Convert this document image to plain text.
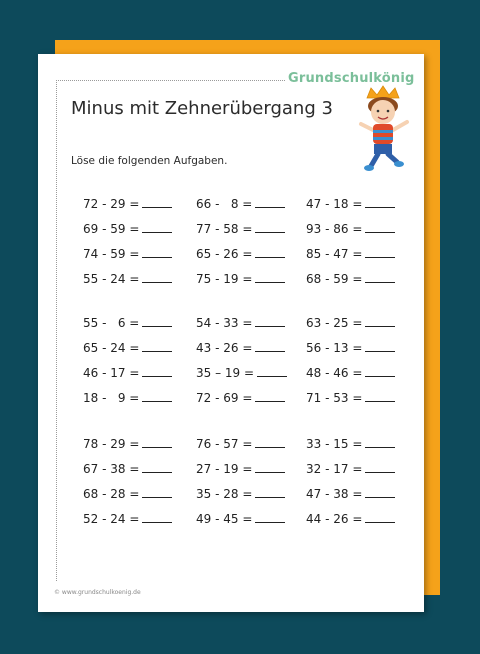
Grundschulkönig
Minus mit Zehnerübergang 3
Löse die folgenden Aufgaben.
72 - 29 =	66 -   8 =	47 - 18 =
69 - 59 =	77 - 58 =	93 - 86 =
74 - 59 =	65 - 26 =	85 - 47 =
55 - 24 =	75 - 19 =	68 - 59 =
55 -   6 =	54 - 33 =	63 - 25 =
65 - 24 =	43 - 26 =	56 - 13 =
46 - 17 =	35 – 19 =	48 - 46 =
18 -   9 =	72 - 69 =	71 - 53 =
78 - 29 =	76 - 57 =	33 - 15 =
67 - 38 =	27 - 19 =	32 - 17 =
68 - 28 =	35 - 28 =	47 - 38 =
52 - 24 =	49 - 45 =	44 - 26 =
© www.grundschulkoenig.de
